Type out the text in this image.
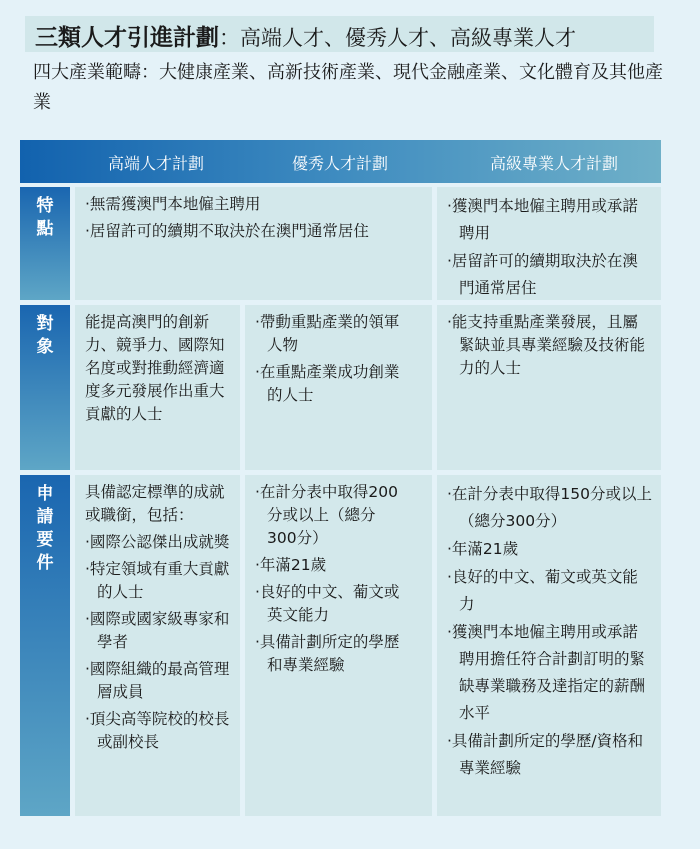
三類人才引進計劃：高端人才、優秀人才、高級專業人才
四大產業範疇：大健康產業、高新技術產業、現代金融產業、文化體育及其他產業
高端人才計劃	優秀人才計劃	高級專業人才計劃
特點
‧無需獲澳門本地僱主聘用
‧居留許可的續期不取決於在澳門通常居住
‧獲澳門本地僱主聘用或承諾聘用
‧居留許可的續期取決於在澳門通常居住
對象
能提高澳門的創新力、競爭力、國際知名度或對推動經濟適度多元發展作出重大貢獻的人士
‧帶動重點產業的領軍人物
‧在重點產業成功創業的人士
‧能支持重點產業發展，且屬緊缺並具專業經驗及技術能力的人士
申請要件
具備認定標準的成就或職銜，包括：
‧國際公認傑出成就獎
‧特定領域有重大貢獻的人士
‧國際或國家級專家和學者
‧國際組織的最高管理層成員
‧頂尖高等院校的校長或副校長
‧在計分表中取得200分或以上（總分300分）
‧年滿21歲
‧良好的中文、葡文或英文能力
‧具備計劃所定的學歷和專業經驗
‧在計分表中取得150分或以上（總分300分）
‧年滿21歲
‧良好的中文、葡文或英文能力
‧獲澳門本地僱主聘用或承諾聘用擔任符合計劃訂明的緊缺專業職務及達指定的薪酬水平
‧具備計劃所定的學歷/資格和專業經驗
